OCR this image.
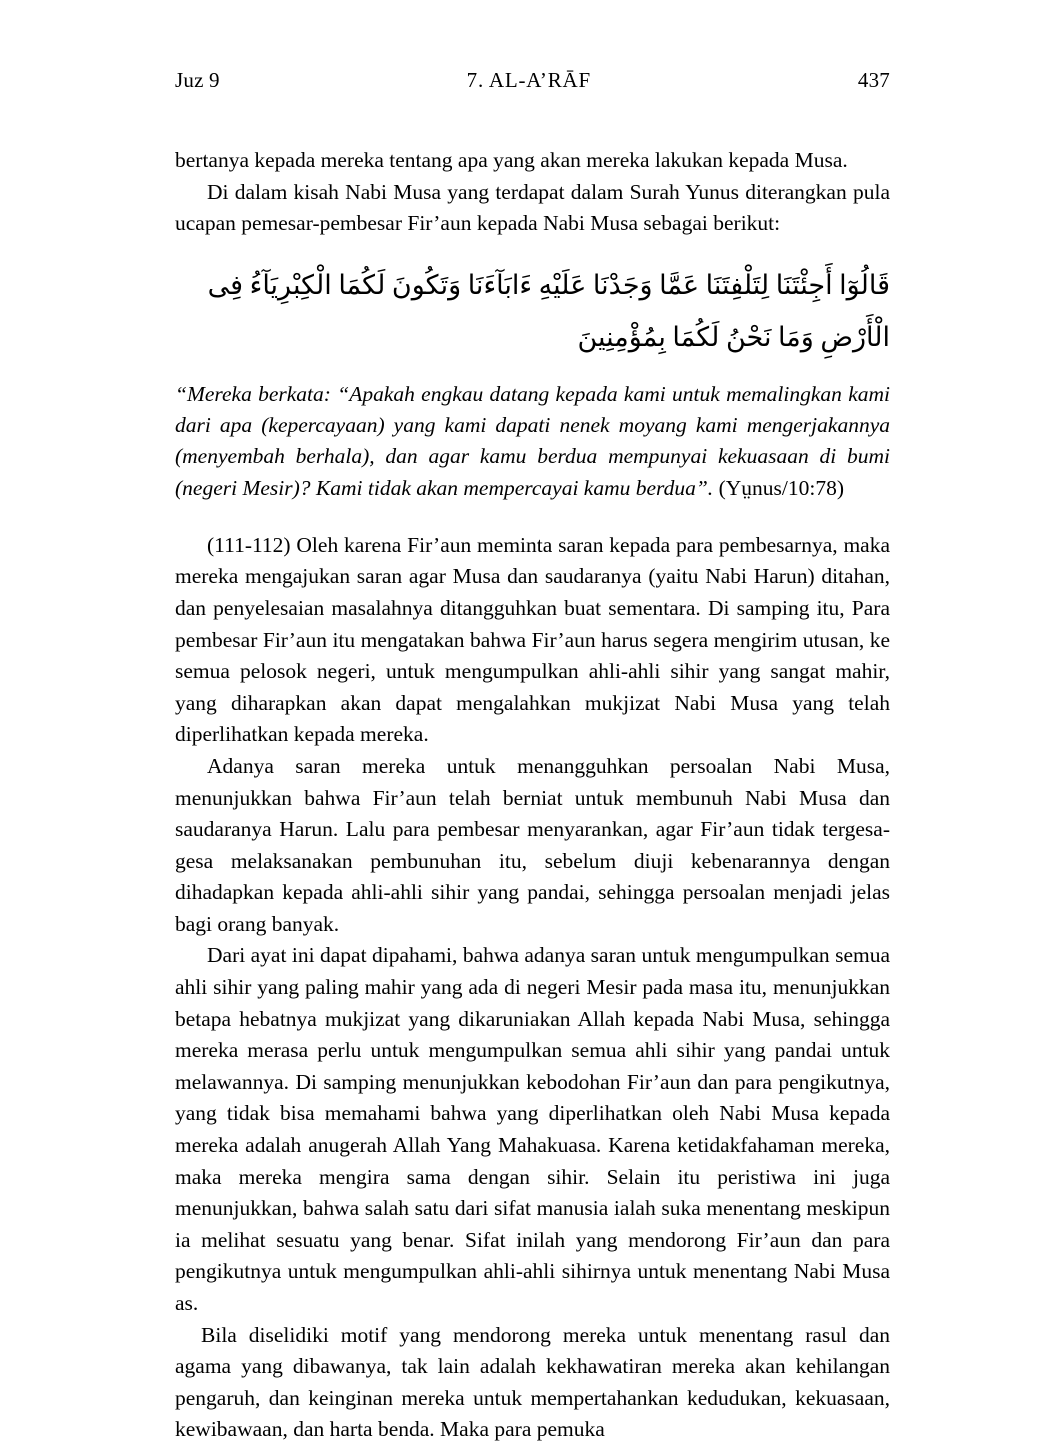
Juz 9	7. AL-A’RĀF	437

bertanya kepada mereka tentang apa yang akan mereka lakukan kepada Musa.

Di dalam kisah Nabi Musa yang terdapat dalam Surah Yunus diterangkan pula ucapan pemesar-pembesar Fir’aun kepada Nabi Musa sebagai berikut:

قَالُوٓا أَجِئْتَنَا لِتَلْفِتَنَا عَمَّا وَجَدْنَا عَلَيْهِ ءَابَآءَنَا وَتَكُونَ لَكُمَا الْكِبْرِيَآءُ فِى الْأَرْضِ وَمَا نَحْنُ لَكُمَا بِمُؤْمِنِينَ

“Mereka berkata: “Apakah engkau datang kepada kami untuk memalingkan kami dari apa (kepercayaan) yang kami dapati nenek moyang kami mengerjakannya (menyembah berhala), dan agar kamu berdua mempunyai kekuasaan di bumi (negeri Mesir)? Kami tidak akan mempercayai kamu berdua”. (Yṳnus/10:78)

(111-112) Oleh karena Fir’aun meminta saran kepada para pembesarnya, maka mereka mengajukan saran agar Musa dan saudaranya (yaitu Nabi Harun) ditahan, dan penyelesaian masalahnya ditangguhkan buat sementara. Di samping itu, Para pembesar Fir’aun itu mengatakan bahwa Fir’aun harus segera mengirim utusan, ke semua pelosok negeri, untuk mengumpulkan ahli-ahli sihir yang sangat mahir, yang diharapkan akan dapat mengalahkan mukjizat Nabi Musa yang telah diperlihatkan kepada mereka.

Adanya saran mereka untuk menangguhkan persoalan Nabi Musa, menunjukkan bahwa Fir’aun telah berniat untuk membunuh Nabi Musa dan saudaranya Harun. Lalu para pembesar menyarankan, agar Fir’aun tidak tergesa-gesa melaksanakan pembunuhan itu, sebelum diuji kebenarannya dengan dihadapkan kepada ahli-ahli sihir yang pandai, sehingga persoalan menjadi jelas bagi orang banyak.

Dari ayat ini dapat dipahami, bahwa adanya saran untuk mengumpulkan semua ahli sihir yang paling mahir yang ada di negeri Mesir pada masa itu, menunjukkan betapa hebatnya mukjizat yang dikaruniakan Allah kepada Nabi Musa, sehingga mereka merasa perlu untuk mengumpulkan semua ahli sihir yang pandai untuk melawannya. Di samping menunjukkan kebodohan Fir’aun dan para pengikutnya, yang tidak bisa memahami bahwa yang diperlihatkan oleh Nabi Musa kepada mereka adalah anugerah Allah Yang Mahakuasa. Karena ketidakfahaman mereka, maka mereka mengira sama dengan sihir. Selain itu peristiwa ini juga menunjukkan, bahwa salah satu dari sifat manusia ialah suka menentang meskipun ia melihat sesuatu yang benar. Sifat inilah yang mendorong Fir’aun dan para pengikutnya untuk mengumpulkan ahli-ahli sihirnya untuk menentang Nabi Musa as.

Bila diselidiki motif yang mendorong mereka untuk menentang rasul dan agama yang dibawanya, tak lain adalah kekhawatiran mereka akan kehilangan pengaruh, dan keinginan mereka untuk mempertahankan kedudukan, kekuasaan, kewibawaan, dan harta benda. Maka para pemuka
